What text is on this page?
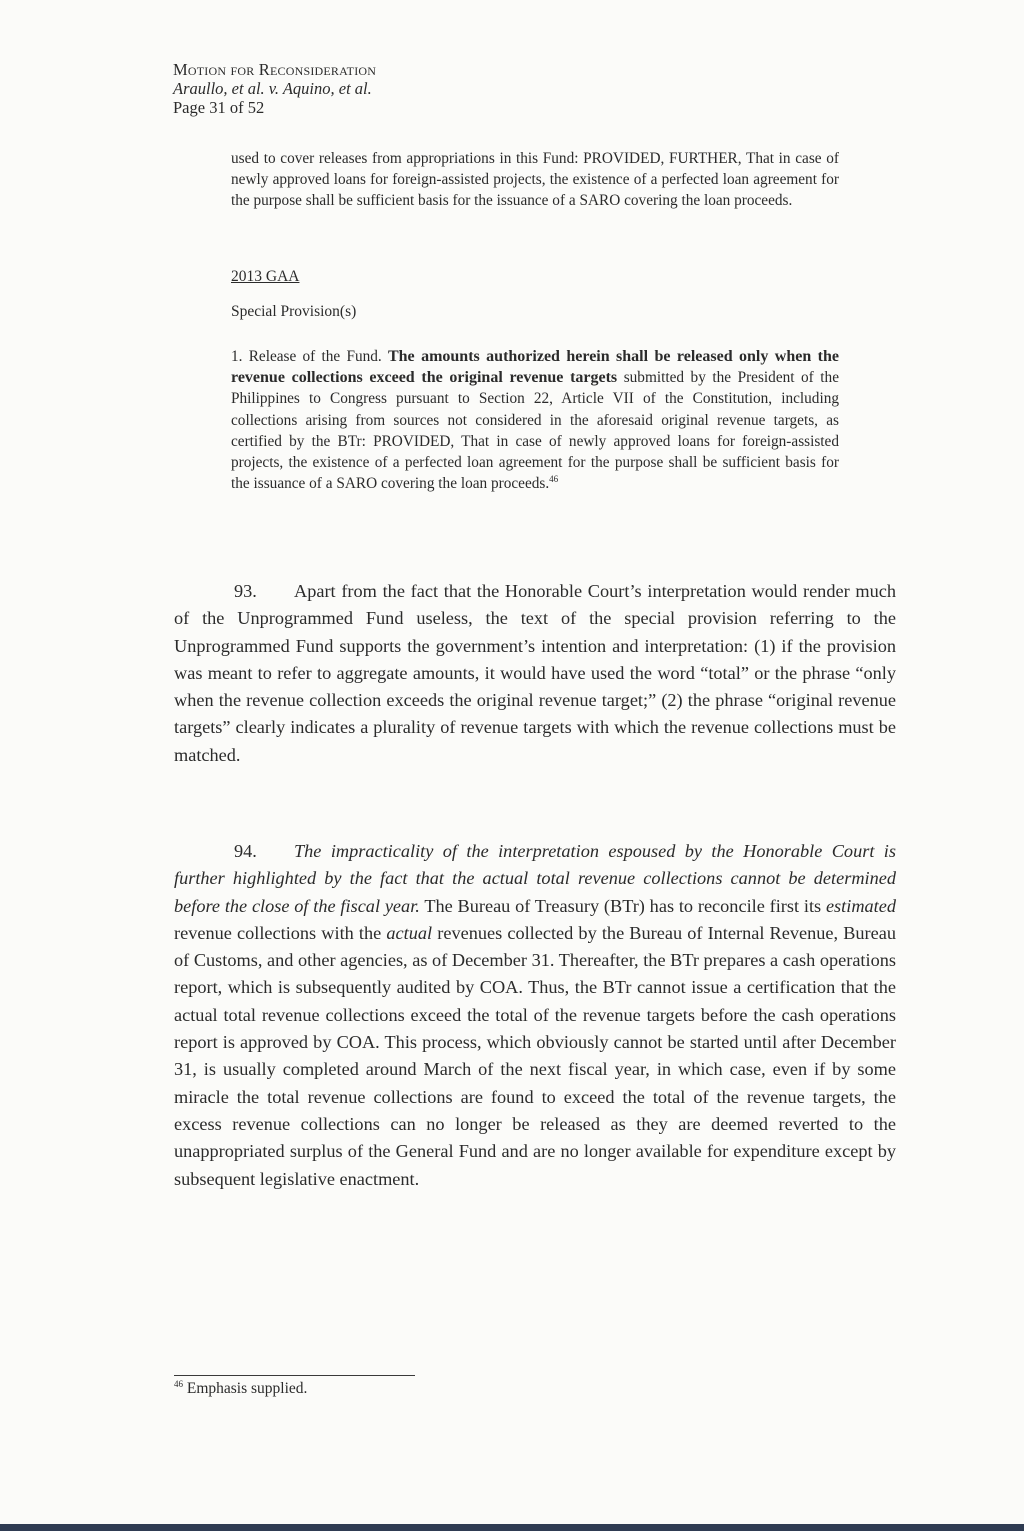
Motion for Reconsideration
Araullo, et al. v. Aquino, et al.
Page 31 of 52
used to cover releases from appropriations in this Fund: PROVIDED, FURTHER, That in case of newly approved loans for foreign-assisted projects, the existence of a perfected loan agreement for the purpose shall be sufficient basis for the issuance of a SARO covering the loan proceeds.
2013 GAA
Special Provision(s)
1. Release of the Fund. The amounts authorized herein shall be released only when the revenue collections exceed the original revenue targets submitted by the President of the Philippines to Congress pursuant to Section 22, Article VII of the Constitution, including collections arising from sources not considered in the aforesaid original revenue targets, as certified by the BTr: PROVIDED, That in case of newly approved loans for foreign-assisted projects, the existence of a perfected loan agreement for the purpose shall be sufficient basis for the issuance of a SARO covering the loan proceeds.$^{46}$
93. Apart from the fact that the Honorable Court’s interpretation would render much of the Unprogrammed Fund useless, the text of the special provision referring to the Unprogrammed Fund supports the government’s intention and interpretation: (1) if the provision was meant to refer to aggregate amounts, it would have used the word “total” or the phrase “only when the revenue collection exceeds the original revenue target;” (2) the phrase “original revenue targets” clearly indicates a plurality of revenue targets with which the revenue collections must be matched.
94. The impracticality of the interpretation espoused by the Honorable Court is further highlighted by the fact that the actual total revenue collections cannot be determined before the close of the fiscal year. The Bureau of Treasury (BTr) has to reconcile first its estimated revenue collections with the actual revenues collected by the Bureau of Internal Revenue, Bureau of Customs, and other agencies, as of December 31. Thereafter, the BTr prepares a cash operations report, which is subsequently audited by COA. Thus, the BTr cannot issue a certification that the actual total revenue collections exceed the total of the revenue targets before the cash operations report is approved by COA. This process, which obviously cannot be started until after December 31, is usually completed around March of the next fiscal year, in which case, even if by some miracle the total revenue collections are found to exceed the total of the revenue targets, the excess revenue collections can no longer be released as they are deemed reverted to the unappropriated surplus of the General Fund and are no longer available for expenditure except by subsequent legislative enactment.
$^{46}$ Emphasis supplied.
